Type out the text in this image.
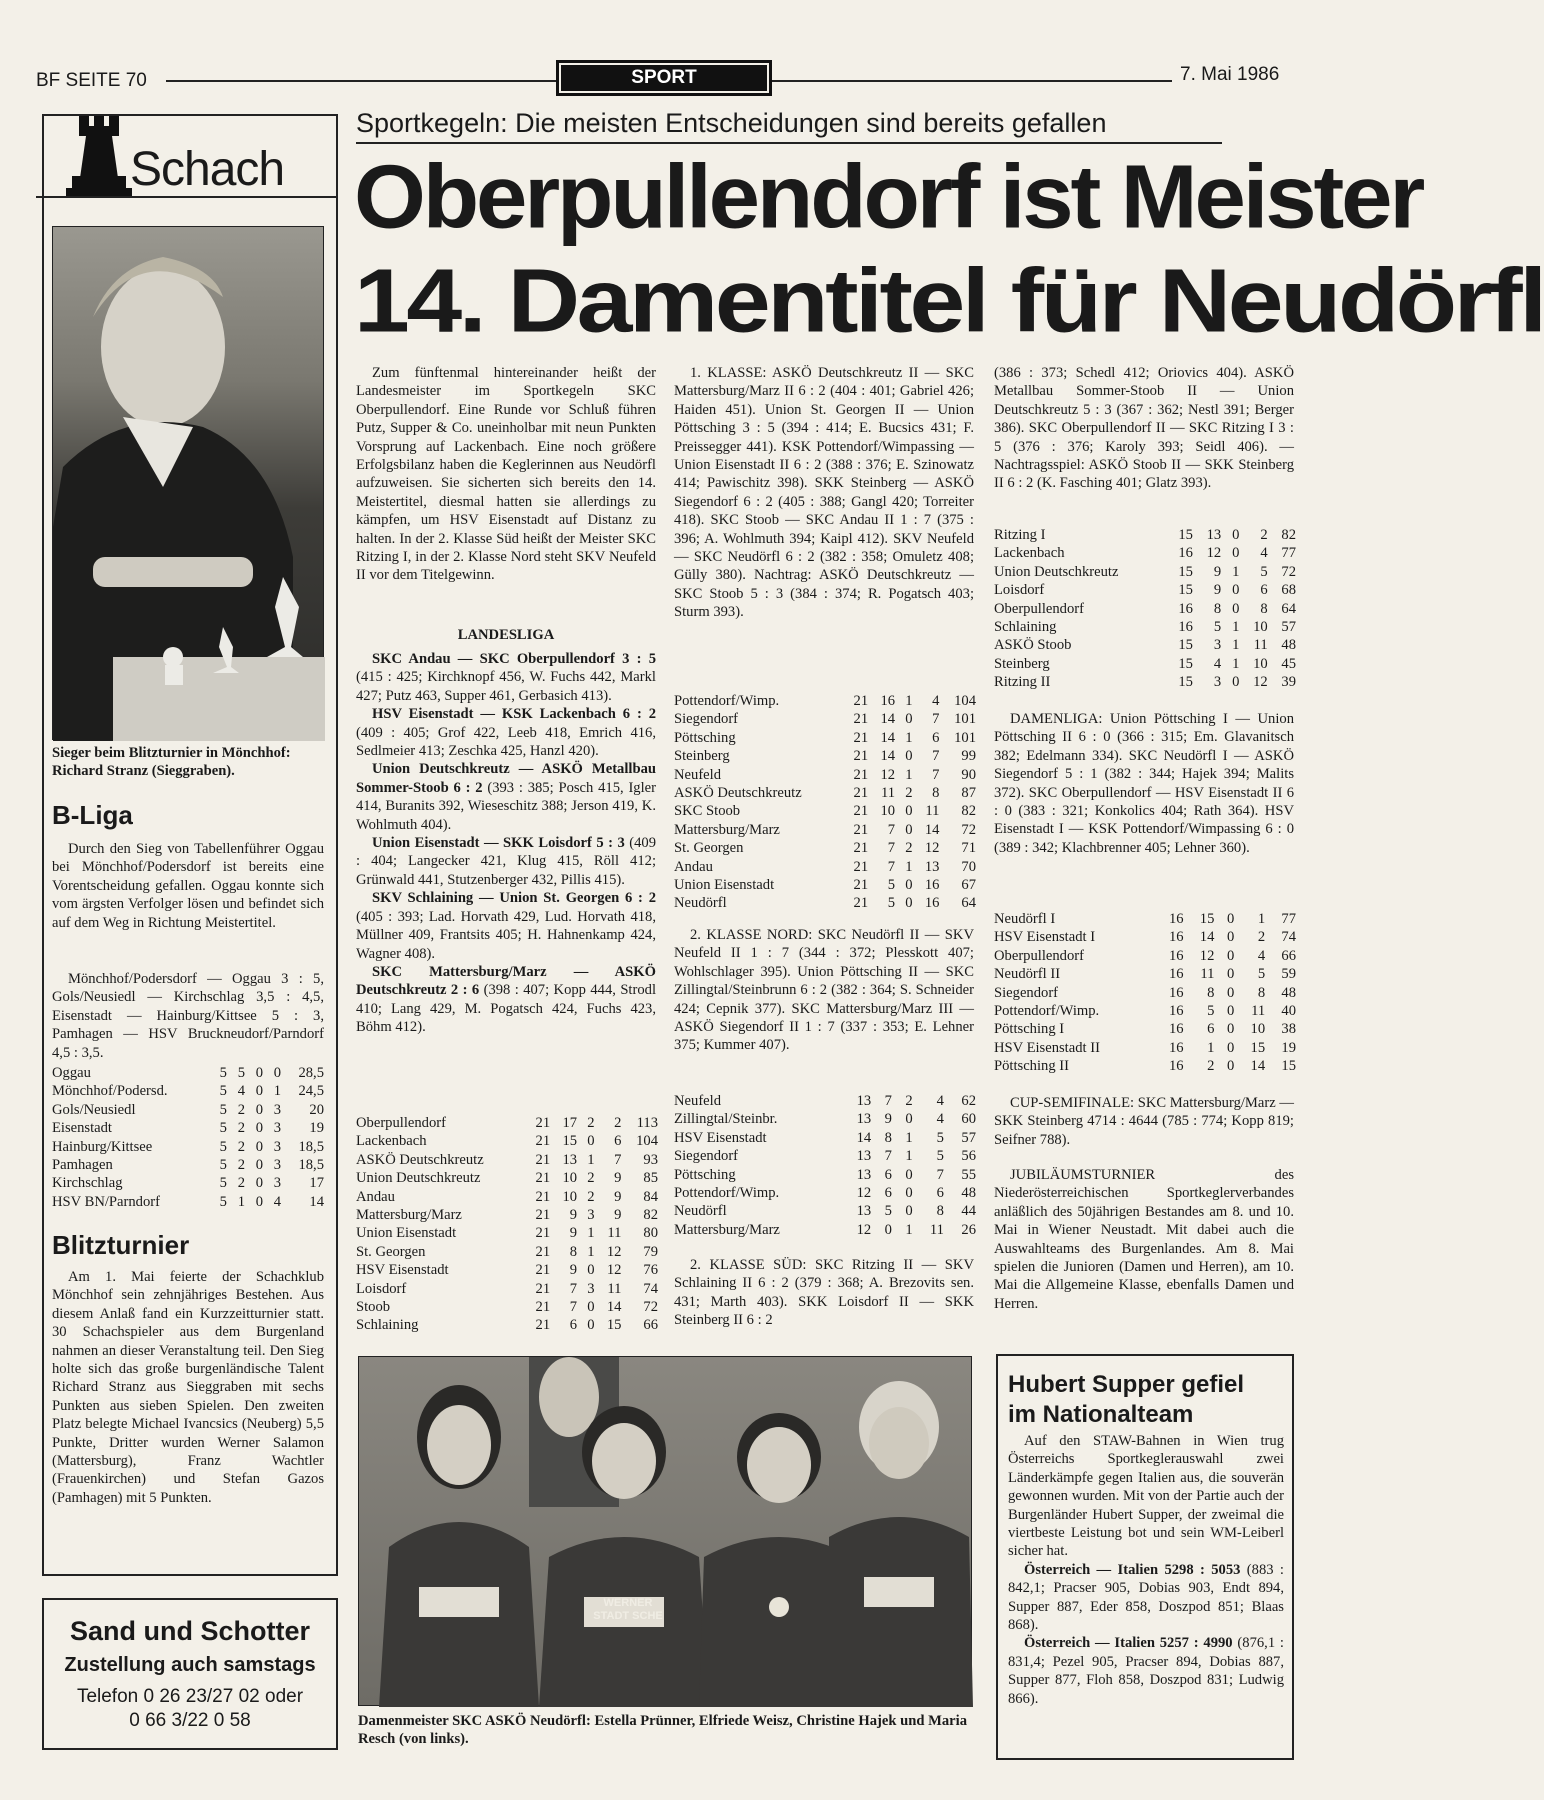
BF SEITE 70	SPORT	7. Mai 1986
Schach
Sieger beim Blitzturnier in Mönchhof: Richard Stranz (Sieggraben).
B-Liga
Durch den Sieg von Tabellenführer Oggau bei Mönchhof/Podersdorf ist bereits eine Vorentscheidung gefallen. Oggau konnte sich vom ärgsten Verfolger lösen und befindet sich auf dem Weg in Richtung Meistertitel.
Mönchhof/Podersdorf — Oggau 3 : 5, Gols/Neusiedl — Kirchschlag 3,5 : 4,5, Eisenstadt — Hainburg/Kittsee 5 : 3, Pamhagen — HSV Bruckneudorf/Parndorf 4,5 : 3,5.
Oggau	5	5	0	0	28,5
Mönchhof/Podersd.	5	4	0	1	24,5
Gols/Neusiedl	5	2	0	3	20
Eisenstadt	5	2	0	3	19
Hainburg/Kittsee	5	2	0	3	18,5
Pamhagen	5	2	0	3	18,5
Kirchschlag	5	2	0	3	17
HSV BN/Parndorf	5	1	0	4	14
Blitzturnier
Am 1. Mai feierte der Schachklub Mönchhof sein zehnjähriges Bestehen. Aus diesem Anlaß fand ein Kurzzeitturnier statt. 30 Schachspieler aus dem Burgenland nahmen an dieser Veranstaltung teil. Den Sieg holte sich das große burgenländische Talent Richard Stranz aus Sieggraben mit sechs Punkten aus sieben Spielen. Den zweiten Platz belegte Michael Ivancsics (Neuberg) 5,5 Punkte, Dritter wurden Werner Salamon (Mattersburg), Franz Wachtler (Frauenkirchen) und Stefan Gazos (Pamhagen) mit 5 Punkten.
Sand und Schotter
Zustellung auch samstags
Telefon 0 26 23/27 02 oder
0 66 3/22 0 58
Sportkegeln: Die meisten Entscheidungen sind bereits gefallen
Oberpullendorf ist Meister
14. Damentitel für Neudörfl
Zum fünftenmal hintereinander heißt der Landesmeister im Sportkegeln SKC Oberpullendorf. Eine Runde vor Schluß führen Putz, Supper & Co. uneinholbar mit neun Punkten Vorsprung auf Lackenbach. Eine noch größere Erfolgsbilanz haben die Keglerinnen aus Neudörfl aufzuweisen. Sie sicherten sich bereits den 14. Meistertitel, diesmal hatten sie allerdings zu kämpfen, um HSV Eisenstadt auf Distanz zu halten. In der 2. Klasse Süd heißt der Meister SKC Ritzing I, in der 2. Klasse Nord steht SKV Neufeld II vor dem Titelgewinn.
LANDESLIGA

SKC Andau — SKC Oberpullendorf 3 : 5 (415 : 425; Kirchknopf 456, W. Fuchs 442, Markl 427; Putz 463, Supper 461, Gerbasich 413).

HSV Eisenstadt — KSK Lackenbach 6 : 2 (409 : 405; Grof 422, Leeb 418, Emrich 416, Sedlmeier 413; Zeschka 425, Hanzl 420).

Union Deutschkreutz — ASKÖ Metallbau Sommer-Stoob 6 : 2 (393 : 385; Posch 415, Igler 414, Buranits 392, Wieseschitz 388; Jerson 419, K. Wohlmuth 404).

Union Eisenstadt — SKK Loisdorf 5 : 3 (409 : 404; Langecker 421, Klug 415, Röll 412; Grünwald 441, Stutzenberger 432, Pillis 415).

SKV Schlaining — Union St. Georgen 6 : 2 (405 : 393; Lad. Horvath 429, Lud. Horvath 418, Müllner 409, Frantsits 405; H. Hahnenkamp 424, Wagner 408).

SKC Mattersburg/Marz — ASKÖ Deutschkreutz 2 : 6 (398 : 407; Kopp 444, Strodl 410; Lang 429, M. Pogatsch 424, Fuchs 423, Böhm 412).

Oberpullendorf	21	17	2	2	113
Lackenbach	21	15	0	6	104
ASKÖ Deutschkreutz	21	13	1	7	93
Union Deutschkreutz	21	10	2	9	85
Andau	21	10	2	9	84
Mattersburg/Marz	21	9	3	9	82
Union Eisenstadt	21	9	1	11	80
St. Georgen	21	8	1	12	79
HSV Eisenstadt	21	9	0	12	76
Loisdorf	21	7	3	11	74
Stoob	21	7	0	14	72
Schlaining	21	6	0	15	66
1. KLASSE: ASKÖ Deutschkreutz II — SKC Mattersburg/Marz II 6 : 2 (404 : 401; Gabriel 426; Haiden 451). Union St. Georgen II — Union Pöttsching 3 : 5 (394 : 414; E. Bucsics 431; F. Preissegger 441). KSK Pottendorf/Wimpassing — Union Eisenstadt II 6 : 2 (388 : 376; E. Szinowatz 414; Pawischitz 398). SKK Steinberg — ASKÖ Siegendorf 6 : 2 (405 : 388; Gangl 420; Torreiter 418). SKC Stoob — SKC Andau II 1 : 7 (375 : 396; A. Wohlmuth 394; Kaipl 412). SKV Neufeld — SKC Neudörfl 6 : 2 (382 : 358; Omuletz 408; Güllу 380). Nachtrag: ASKÖ Deutschkreutz — SKC Stoob 5 : 3 (384 : 374; R. Pogatsch 403; Sturm 393).
Pottendorf/Wimp.	21	16	1	4	104
Siegendorf	21	14	0	7	101
Pöttsching	21	14	1	6	101
Steinberg	21	14	0	7	99
Neufeld	21	12	1	7	90
ASKÖ Deutschkreutz	21	11	2	8	87
SKC Stoob	21	10	0	11	82
Mattersburg/Marz	21	7	0	14	72
St. Georgen	21	7	2	12	71
Andau	21	7	1	13	70
Union Eisenstadt	21	5	0	16	67
Neudörfl	21	5	0	16	64
2. KLASSE NORD: SKC Neudörfl II — SKV Neufeld II 1 : 7 (344 : 372; Plesskott 407; Wohlschlager 395). Union Pöttsching II — SKC Zillingtal/Steinbrunn 6 : 2 (382 : 364; S. Schneider 424; Cepnik 377). SKC Mattersburg/Marz III — ASKÖ Siegendorf II 1 : 7 (337 : 353; E. Lehner 375; Kummer 407).
Neufeld	13	7	2	4	62
Zillingtal/Steinbr.	13	9	0	4	60
HSV Eisenstadt	14	8	1	5	57
Siegendorf	13	7	1	5	56
Pöttsching	13	6	0	7	55
Pottendorf/Wimp.	12	6	0	6	48
Neudörfl	13	5	0	8	44
Mattersburg/Marz	12	0	1	11	26
2. KLASSE SÜD: SKC Ritzing II — SKV Schlaining II 6 : 2 (379 : 368; A. Brezovits sen. 431; Marth 403). SKK Loisdorf II — SKK Steinberg II 6 : 2
(386 : 373; Schedl 412; Oriovics 404). ASKÖ Metallbau Sommer-Stoob II — Union Deutschkreutz 5 : 3 (367 : 362; Nestl 391; Berger 386). SKC Oberpullendorf II — SKC Ritzing I 3 : 5 (376 : 376; Karoly 393; Seidl 406). — Nachtragsspiel: ASKÖ Stoob II — SKK Steinberg II 6 : 2 (K. Fasching 401; Glatz 393).
Ritzing I	15	13	0	2	82
Lackenbach	16	12	0	4	77
Union Deutschkreutz	15	9	1	5	72
Loisdorf	15	9	0	6	68
Oberpullendorf	16	8	0	8	64
Schlaining	16	5	1	10	57
ASKÖ Stoob	15	3	1	11	48
Steinberg	15	4	1	10	45
Ritzing II	15	3	0	12	39
DAMENLIGA: Union Pöttsching I — Union Pöttsching II 6 : 0 (366 : 315; Em. Glavanitsch 382; Edelmann 334). SKC Neudörfl I — ASKÖ Siegendorf 5 : 1 (382 : 344; Hajek 394; Malits 372). SKC Oberpullendorf — HSV Eisenstadt II 6 : 0 (383 : 321; Konkolics 404; Rath 364). HSV Eisenstadt I — KSK Pottendorf/Wimpassing 6 : 0 (389 : 342; Klachbrenner 405; Lehner 360).
Neudörfl I	16	15	0	1	77
HSV Eisenstadt I	16	14	0	2	74
Oberpullendorf	16	12	0	4	66
Neudörfl II	16	11	0	5	59
Siegendorf	16	8	0	8	48
Pottendorf/Wimp.	16	5	0	11	40
Pöttsching I	16	6	0	10	38
HSV Eisenstadt II	16	1	0	15	19
Pöttsching II	16	2	0	14	15
CUP-SEMIFINALE: SKC Mattersburg/Marz — SKK Steinberg 4714 : 4644 (785 : 774; Kopp 819; Seifner 788).
JUBILÄUMSTURNIER des Niederösterreichischen Sportkeglerverbandes anläßlich des 50jährigen Bestandes am 8. und 10. Mai in Wiener Neustadt. Mit dabei auch die Auswahlteams des Burgenlandes. Am 8. Mai spielen die Junioren (Damen und Herren), am 10. Mai die Allgemeine Klasse, ebenfalls Damen und Herren.
WERNER STADT SCHE
Damenmeister SKC ASKÖ Neudörfl: Estella Prünner, Elfriede Weisz, Christine Hajek und Maria Resch (von links).
Hubert Supper gefiel im Nationalteam

Auf den STAW-Bahnen in Wien trug Österreichs Sportkeglerauswahl zwei Länderkämpfe gegen Italien aus, die souverän gewonnen wurden. Mit von der Partie auch der Burgenländer Hubert Supper, der zweimal die viertbeste Leistung bot und sein WM-Leiberl sicher hat.

Österreich — Italien 5298 : 5053 (883 : 842,1; Pracser 905, Dobias 903, Endt 894, Supper 887, Eder 858, Doszpod 851; Blaas 868).

Österreich — Italien 5257 : 4990 (876,1 : 831,4; Pezel 905, Pracser 894, Dobias 887, Supper 877, Floh 858, Doszpod 831; Ludwig 866).
